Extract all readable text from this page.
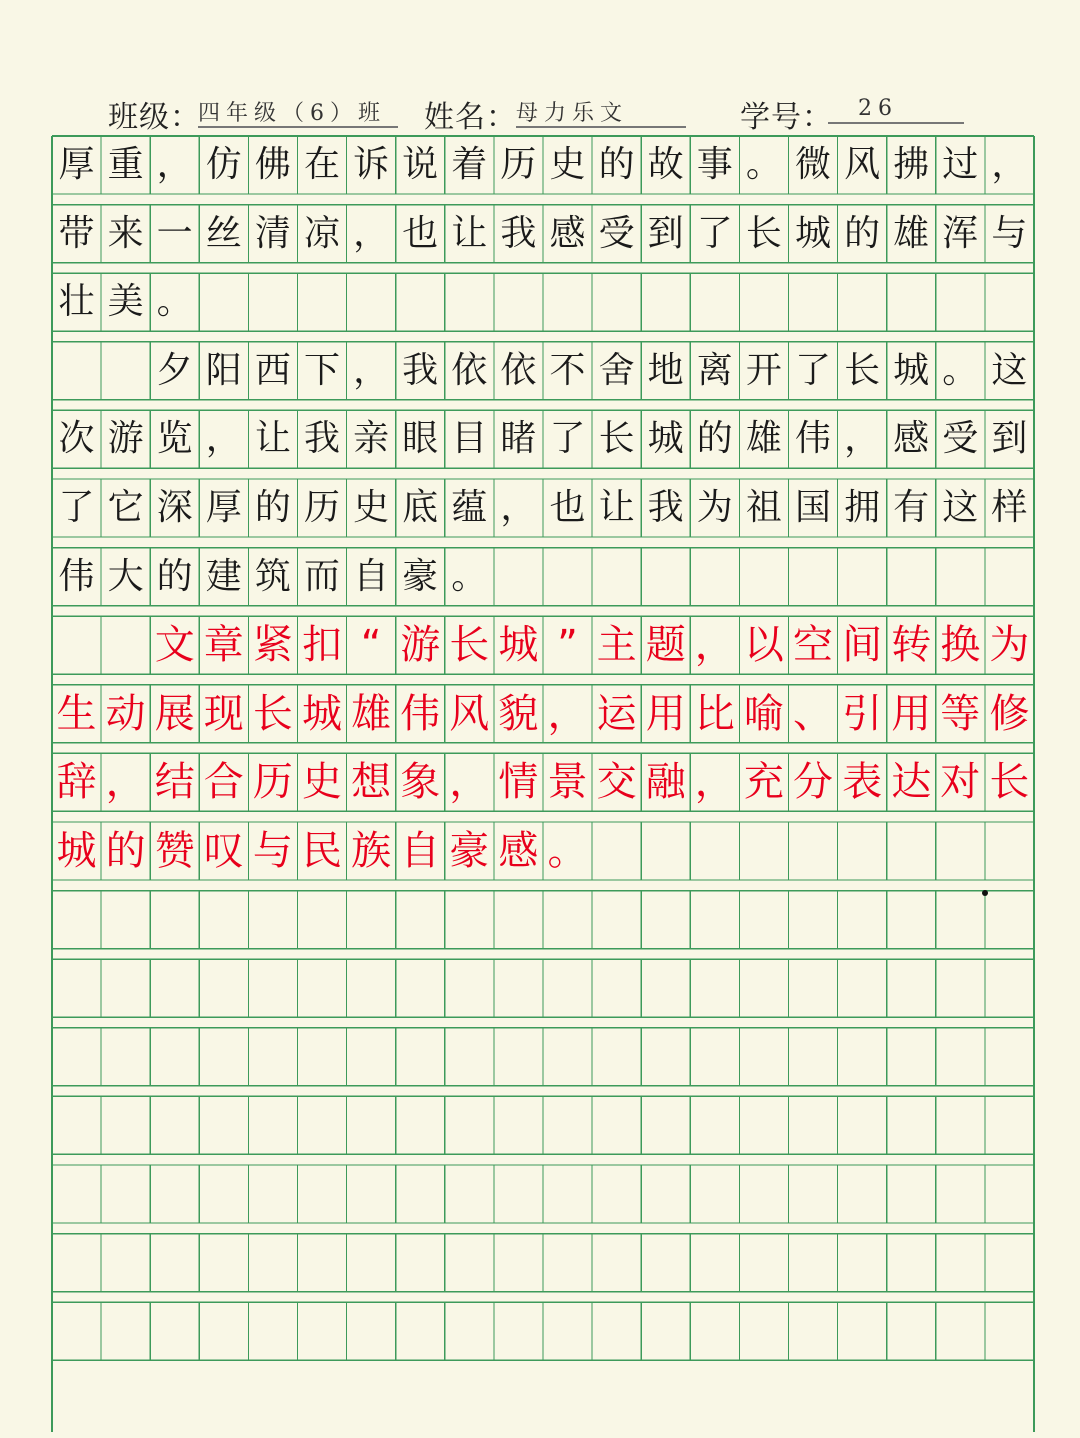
班级：
四年级（6）班	姓名： 母力乐文	学号：	26
厚 重 ， 仿 佛 在 诉 说 着 历 史 的 故 事 。 微 风 拂 过 ，
带 来 一 丝 清 凉 ， 也 让 我 感 受 到 了 长 城 的 雄 浑 与
壮 美 。

夕 阳 西 下 ， 我 依 依 不 舍 地 离 开 了 长 城 。 这
次 游 览 ， 让 我 亲 眼 目 睹 了 长 城 的 雄 伟 ， 感 受 到
了 它 深 厚 的 历 史 底 蕴 ， 也 让 我 为 祖 国 拥 有 这 样
伟 大 的 建 筑 而 自 豪 。

文 章 紧 扣 “ 游 长 城 ” 主 题 ， 以 空 间 转 换 为
生 动 展 现 长 城 雄 伟 风 貌 ， 运 用 比 喻 、 引 用 等 修
辞 ， 结 合 历 史 想 象 ， 情 景 交 融 ， 充 分 表 达 对 长
城 的 赞 叹 与 民 族 自 豪 感 。
